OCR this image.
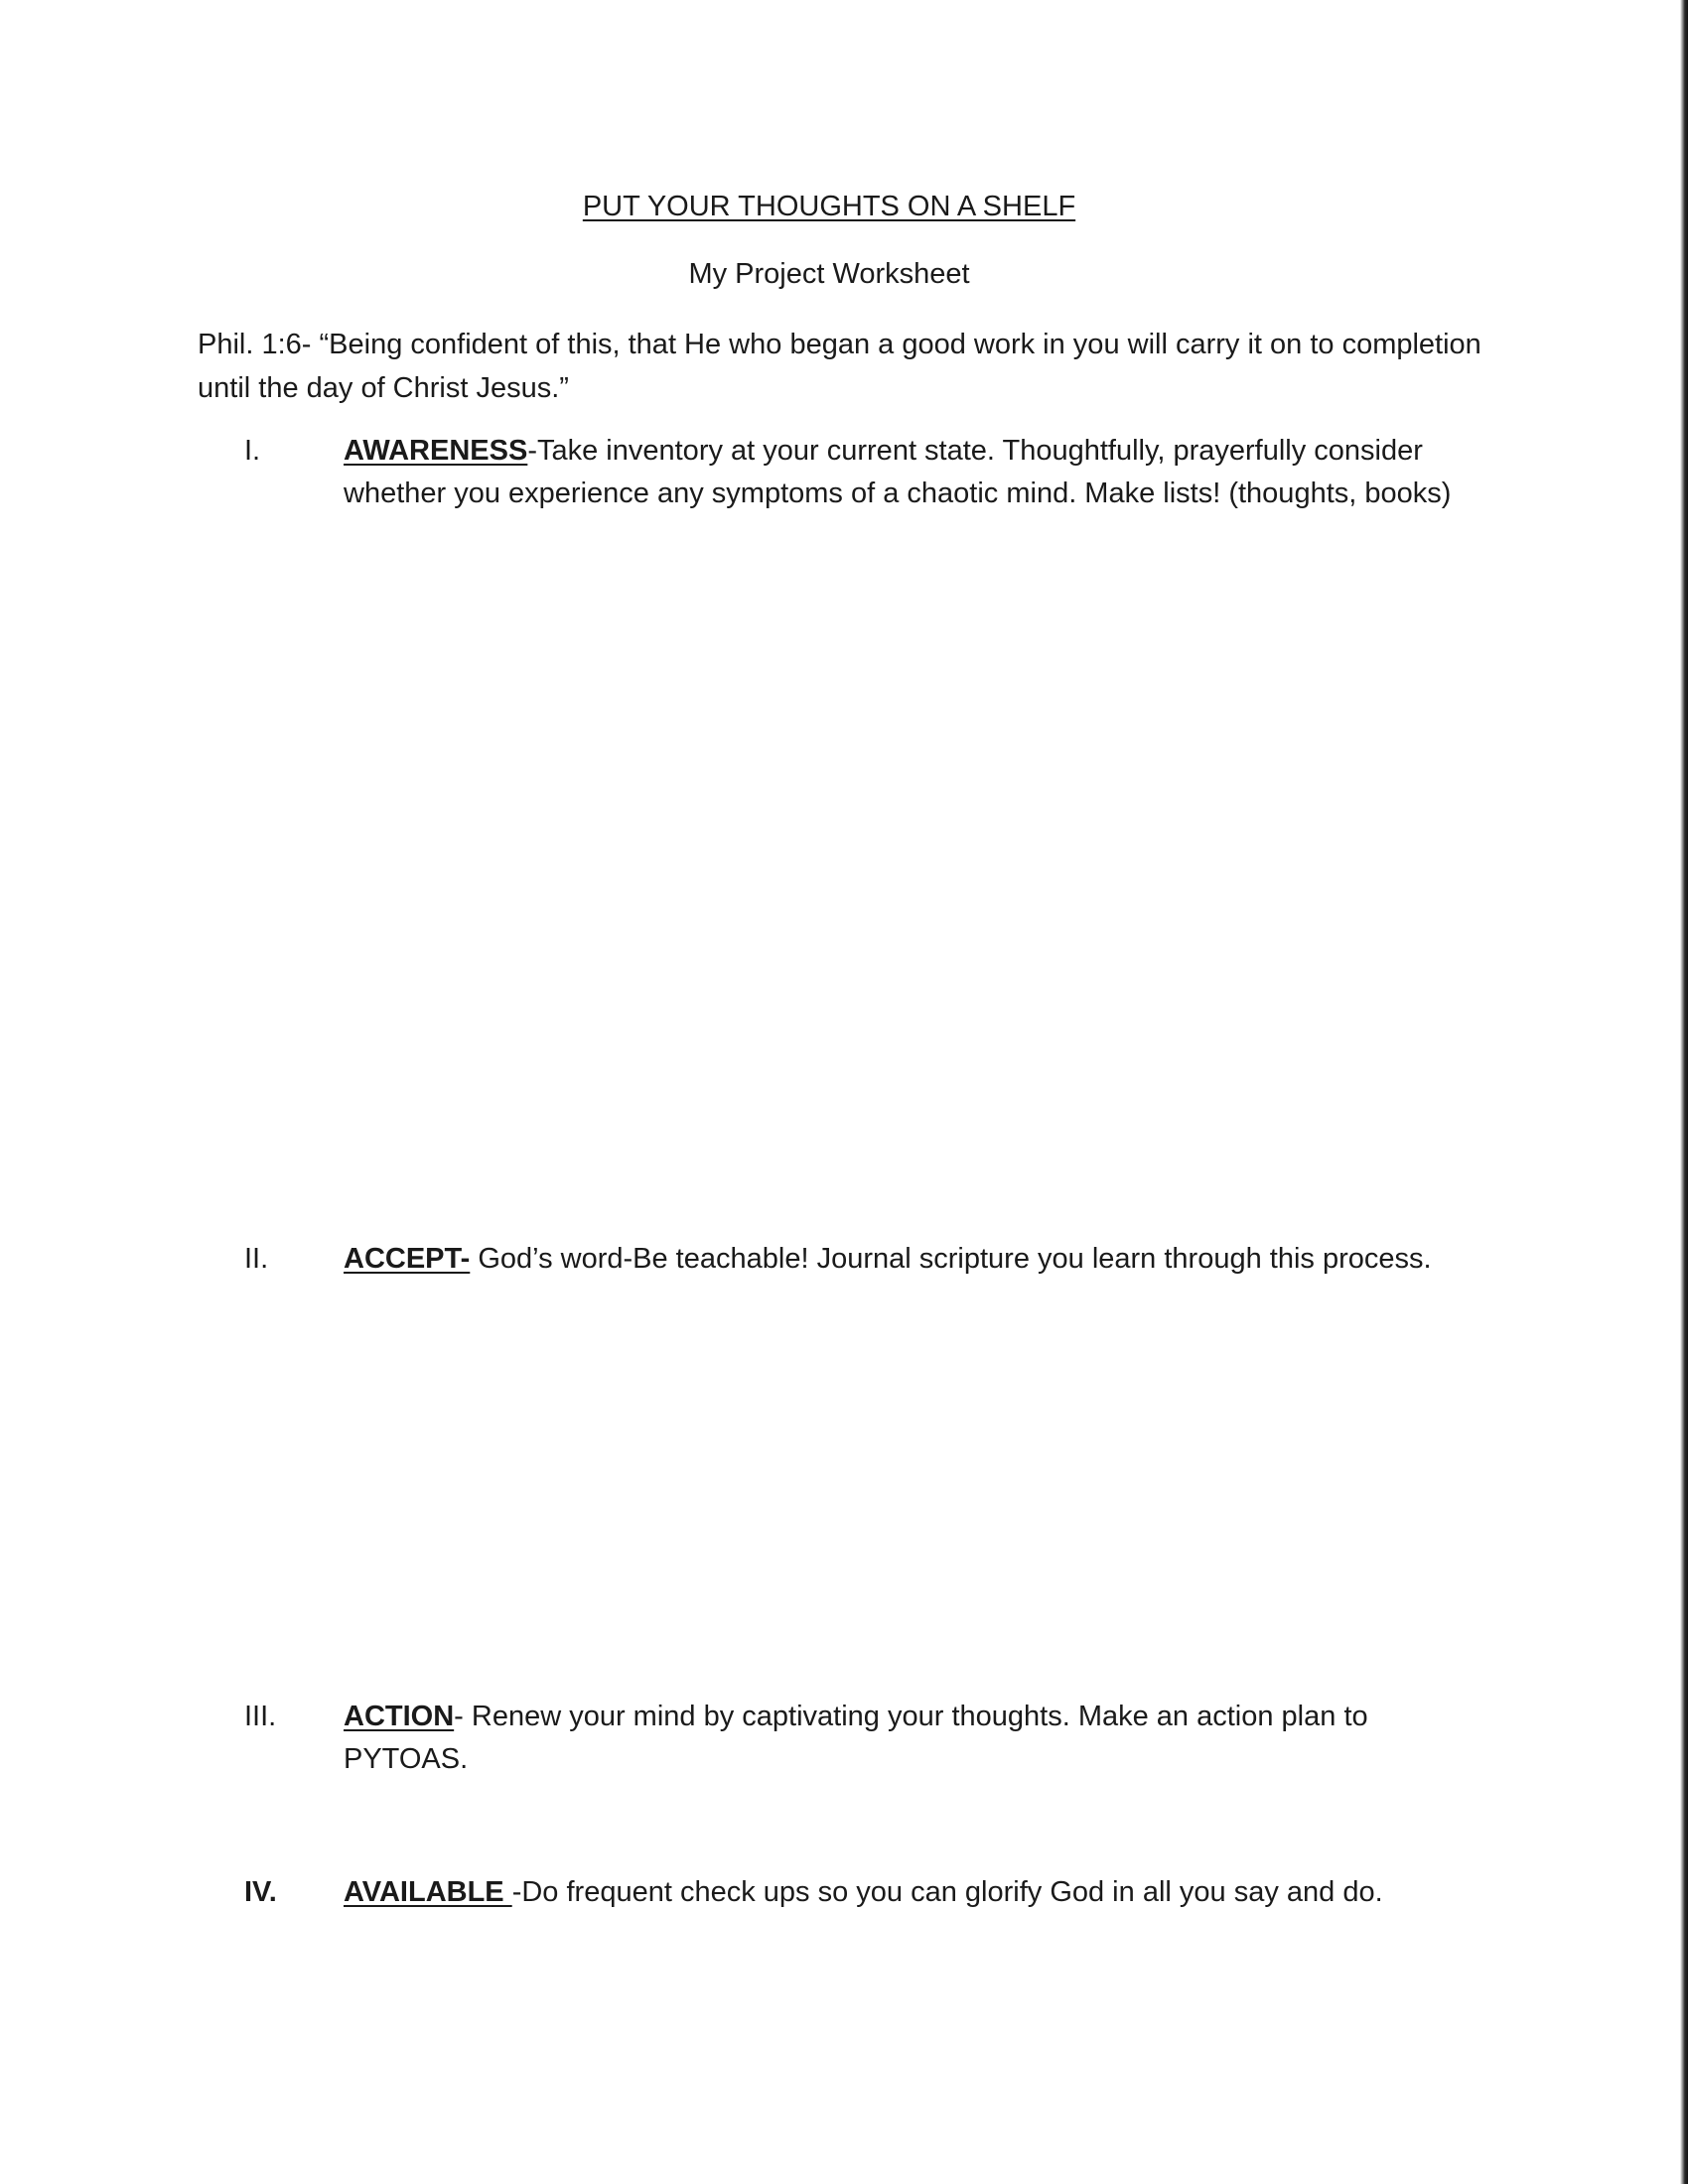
PUT YOUR THOUGHTS ON A SHELF
My Project Worksheet
Phil. 1:6- “Being confident of this, that He who began a good work in you will carry it on to completion until the day of Christ Jesus.”
I.	AWARENESS-Take inventory at your current state. Thoughtfully, prayerfully consider whether you experience any symptoms of a chaotic mind. Make lists! (thoughts, books)
II.	ACCEPT- God’s word-Be teachable! Journal scripture you learn through this process.
III. ACTION- Renew your mind by captivating your thoughts. Make an action plan to PYTOAS.
IV. AVAILABLE -Do frequent check ups so you can glorify God in all you say and do.
